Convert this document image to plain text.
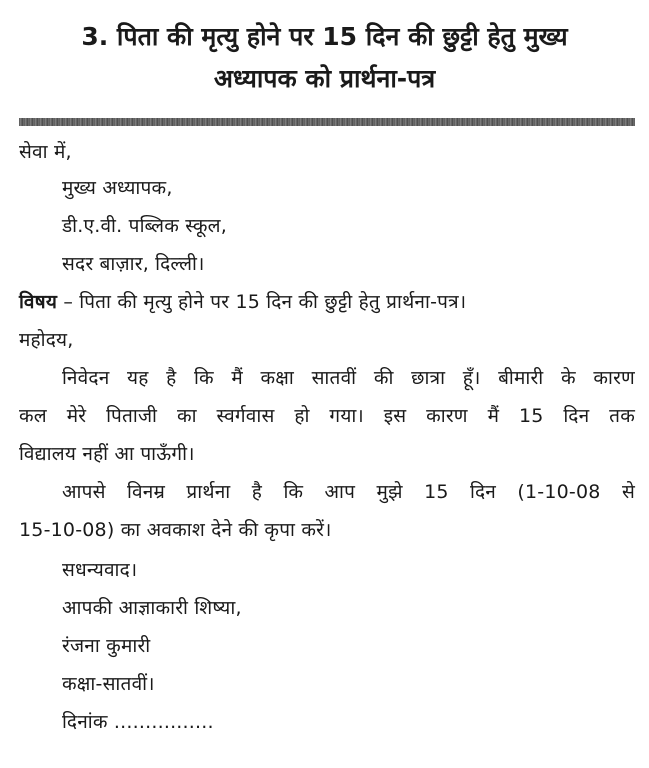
3. पिता की मृत्यु होने पर 15 दिन की छुट्टी हेतु मुख्य
अध्यापक को प्रार्थना-पत्र
सेवा में,
मुख्य अध्यापक,
डी.ए.वी. पब्लिक स्कूल,
सदर बाज़ार, दिल्ली।
विषय – पिता की मृत्यु होने पर 15 दिन की छुट्टी हेतु प्रार्थना-पत्र।
महोदय,
निवेदन यह है कि मैं कक्षा सातवीं की छात्रा हूँ। बीमारी के कारण
कल मेरे पिताजी का स्वर्गवास हो गया। इस कारण मैं 15 दिन तक
विद्यालय नहीं आ पाऊँगी।
आपसे विनम्र प्रार्थना है कि आप मुझे 15 दिन (1-10-08 से
15-10-08) का अवकाश देने की कृपा करें।
सधन्यवाद।
आपकी आज्ञाकारी शिष्या,
रंजना कुमारी
कक्षा-सातवीं।
दिनांक ................
